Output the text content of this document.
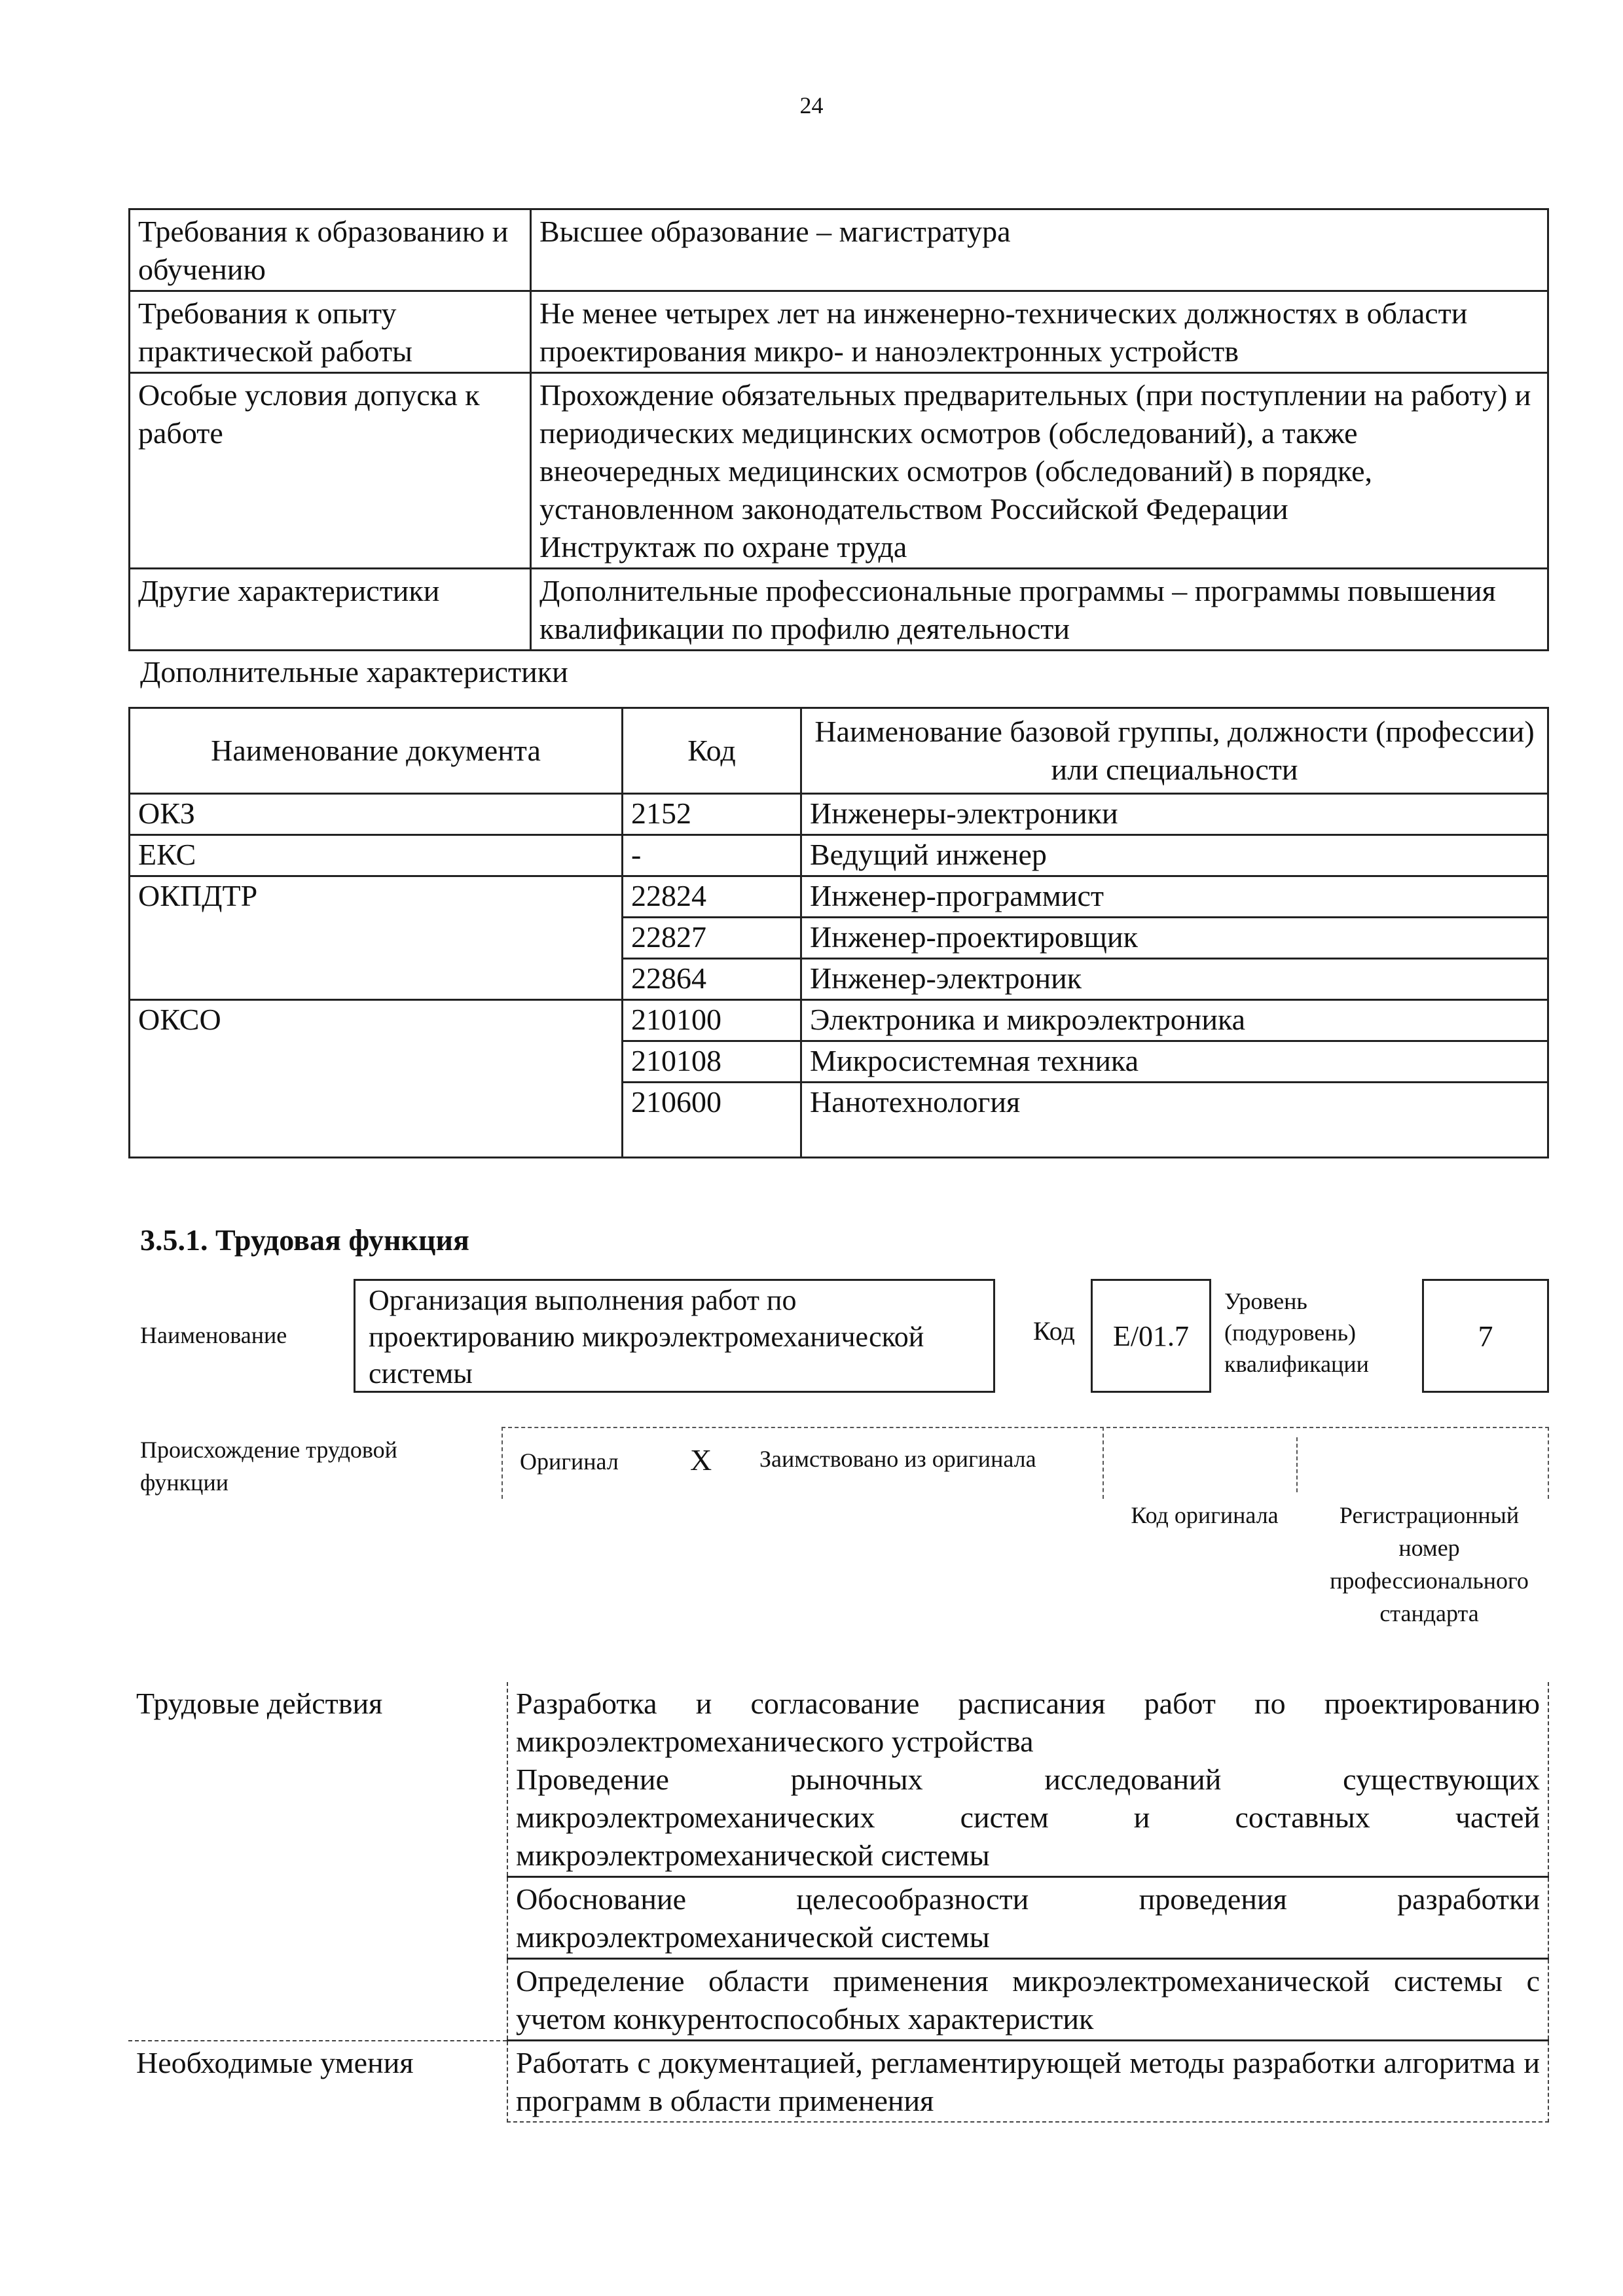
24
Требования к образованию и обучению	Высшее образование – магистратура

Требования к опыту практической работы	Не менее четырех лет на инженерно-технических должностях в области проектирования микро- и наноэлектронных устройств

Особые условия допуска к работе	Прохождение обязательных предварительных (при поступлении на работу) и периодических медицинских осмотров (обследований), а также внеочередных медицинских осмотров (обследований) в порядке, установленном законодательством Российской Федерации
Инструктаж по охране труда

Другие характеристики	Дополнительные профессиональные программы – программы повышения квалификации по профилю деятельности
Дополнительные характеристики
Наименование документа	Код	Наименование базовой группы, должности (профессии) или специальности
ОКЗ	2152	Инженеры-электроники
ЕКС	-	Ведущий инженер
ОКПДТР	22824	Инженер-программист
	22827	Инженер-проектировщик
	22864	Инженер-электроник
ОКСО	210100	Электроника и микроэлектроника
	210108	Микросистемная техника
	210600	Нанотехнология
3.5.1. Трудовая функция
Наименование
Организация выполнения работ по проектированию микроэлектромеханической системы
Код E/01.7
Уровень (подуровень) квалификации
7
Происхождение трудовой функции
Оригинал X Заимствовано из оригинала
Код оригинала	Регистрационный номер профессионального стандарта
Трудовые действия	Разработка и согласование расписания работ по проектированию микроэлектромеханического устройства
Проведение рыночных исследований существующих микроэлектромеханических систем и составных частей микроэлектромеханической системы

	Обоснование целесообразности проведения разработки микроэлектромеханической системы

	Определение области применения микроэлектромеханической системы с учетом конкурентоспособных характеристик

Необходимые умения	Работать с документацией, регламентирующей методы разработки алгоритма и программ в области применения
